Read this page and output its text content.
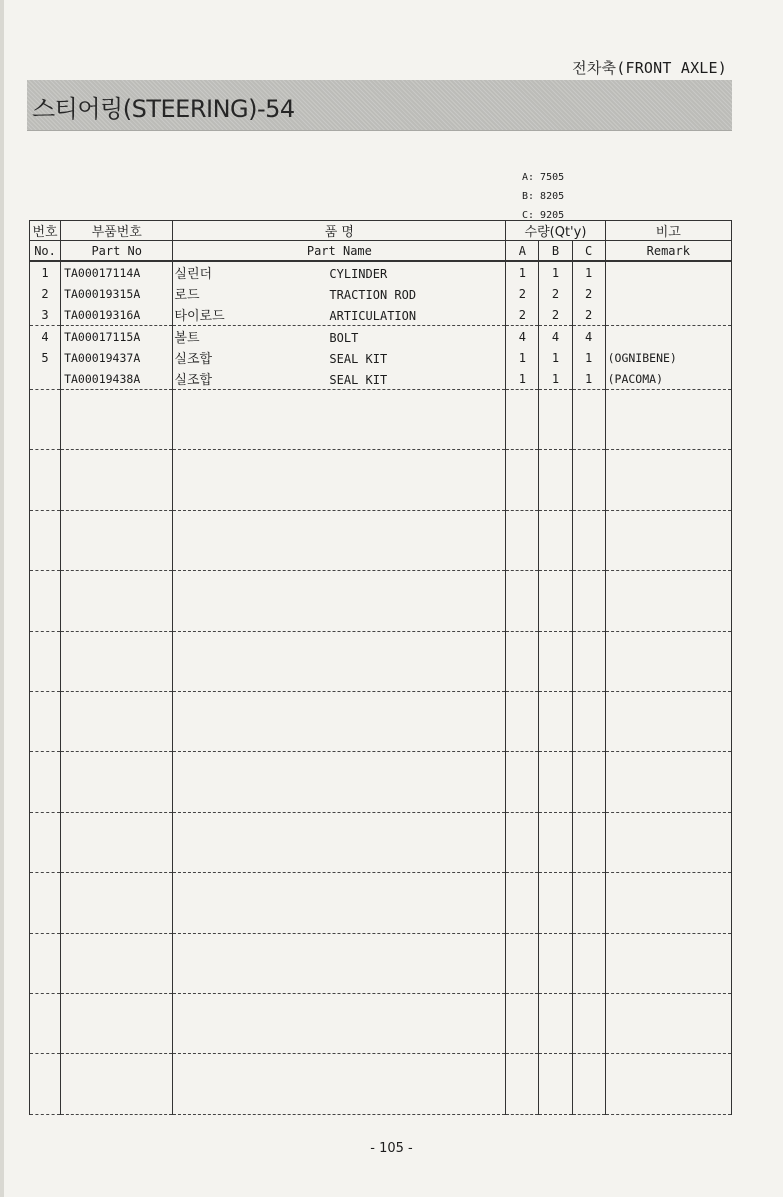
전차축(FRONT AXLE)
스티어링(STEERING)-54
A: 7505
B: 8205
C: 9205
번호	부품번호	품 명	수량(Qt'y)			비고
No.	Part No	Part Name	A	B	C	Remark
1	TA00017114A	실린더 CYLINDER	1	1	1	
2	TA00019315A	로드 TRACTION ROD	2	2	2	
3	TA00019316A	타이로드 ARTICULATION	2	2	2	
4	TA00017115A	볼트 BOLT	4	4	4	
5	TA00019437A	실조합 SEAL KIT	1	1	1	(OGNIBENE)
	TA00019438A	실조합 SEAL KIT	1	1	1	(PACOMA)

- 105 -
